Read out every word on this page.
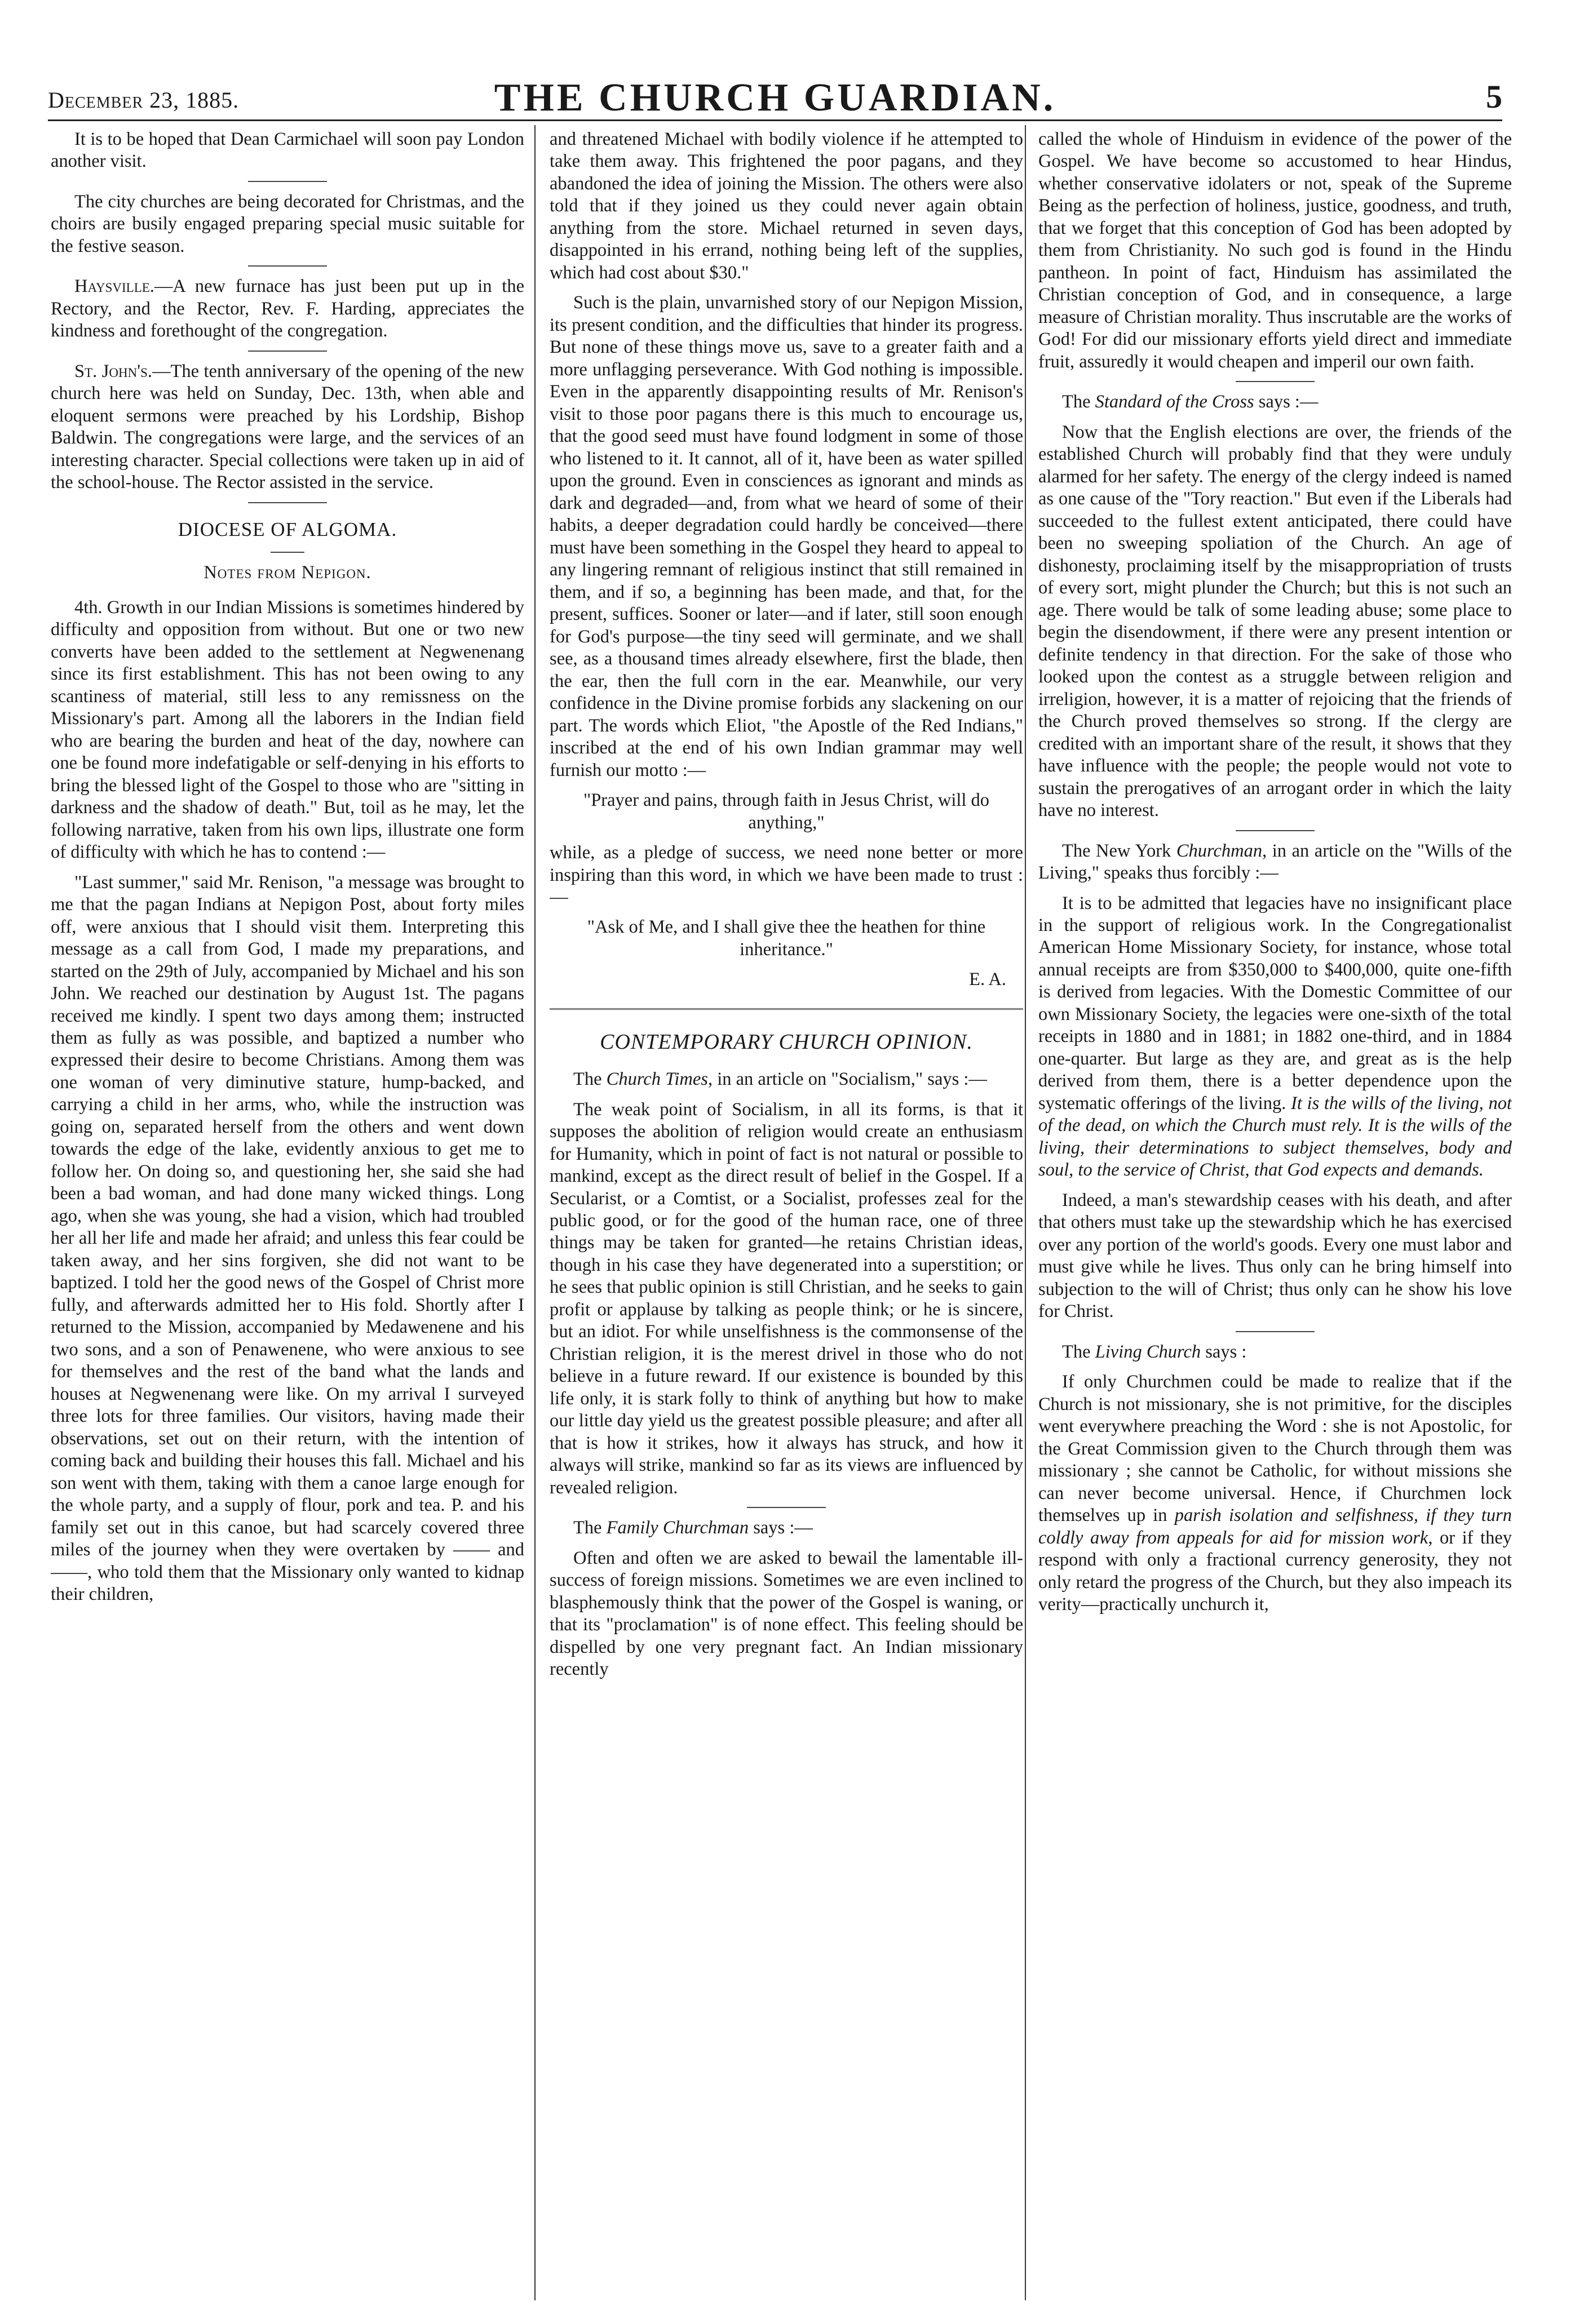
December 23, 1885.	THE CHURCH GUARDIAN.	5

It is to be hoped that Dean Carmichael will soon pay London another visit.

The city churches are being decorated for Christmas, and the choirs are busily engaged preparing special music suitable for the festive season.

Haysville.—A new furnace has just been put up in the Rectory, and the Rector, Rev. F. Harding, appreciates the kindness and forethought of the congregation.

St. John's.—The tenth anniversary of the opening of the new church here was held on Sunday, Dec. 13th, when able and eloquent sermons were preached by his Lordship, Bishop Baldwin. The congregations were large, and the services of an interesting character. Special collections were taken up in aid of the school-house. The Rector assisted in the service.

DIOCESE OF ALGOMA.

Notes from Nepigon.

4th. Growth in our Indian Missions is sometimes hindered by difficulty and opposition from without. But one or two new converts have been added to the settlement at Negwenenang since its first establishment. This has not been owing to any scantiness of material, still less to any remissness on the Missionary's part. Among all the laborers in the Indian field who are bearing the burden and heat of the day, nowhere can one be found more indefatigable or self-denying in his efforts to bring the blessed light of the Gospel to those who are "sitting in darkness and the shadow of death." But, toil as he may, let the following narrative, taken from his own lips, illustrate one form of difficulty with which he has to contend :—

"Last summer," said Mr. Renison, "a message was brought to me that the pagan Indians at Nepigon Post, about forty miles off, were anxious that I should visit them. Interpreting this message as a call from God, I made my preparations, and started on the 29th of July, accompanied by Michael and his son John. We reached our destination by August 1st. The pagans received me kindly. I spent two days among them; instructed them as fully as was possible, and baptized a number who expressed their desire to become Christians. Among them was one woman of very diminutive stature, hump-backed, and carrying a child in her arms, who, while the instruction was going on, separated herself from the others and went down towards the edge of the lake, evidently anxious to get me to follow her. On doing so, and questioning her, she said she had been a bad woman, and had done many wicked things. Long ago, when she was young, she had a vision, which had troubled her all her life and made her afraid; and unless this fear could be taken away, and her sins forgiven, she did not want to be baptized. I told her the good news of the Gospel of Christ more fully, and afterwards admitted her to His fold. Shortly after I returned to the Mission, accompanied by Medawenene and his two sons, and a son of Penawenene, who were anxious to see for themselves and the rest of the band what the lands and houses at Negwenenang were like. On my arrival I surveyed three lots for three families. Our visitors, having made their observations, set out on their return, with the intention of coming back and building their houses this fall. Michael and his son went with them, taking with them a canoe large enough for the whole party, and a supply of flour, pork and tea. P. and his family set out in this canoe, but had scarcely covered three miles of the journey when they were overtaken by —— and ——, who told them that the Missionary only wanted to kidnap their children,

and threatened Michael with bodily violence if he attempted to take them away. This frightened the poor pagans, and they abandoned the idea of joining the Mission. The others were also told that if they joined us they could never again obtain anything from the store. Michael returned in seven days, disappointed in his errand, nothing being left of the supplies, which had cost about $30."

Such is the plain, unvarnished story of our Nepigon Mission, its present condition, and the difficulties that hinder its progress. But none of these things move us, save to a greater faith and a more unflagging perseverance. With God nothing is impossible. Even in the apparently disappointing results of Mr. Renison's visit to those poor pagans there is this much to encourage us, that the good seed must have found lodgment in some of those who listened to it. It cannot, all of it, have been as water spilled upon the ground. Even in consciences as ignorant and minds as dark and degraded—and, from what we heard of some of their habits, a deeper degradation could hardly be conceived—there must have been something in the Gospel they heard to appeal to any lingering remnant of religious instinct that still remained in them, and if so, a beginning has been made, and that, for the present, suffices. Sooner or later—and if later, still soon enough for God's purpose—the tiny seed will germinate, and we shall see, as a thousand times already elsewhere, first the blade, then the ear, then the full corn in the ear. Meanwhile, our very confidence in the Divine promise forbids any slackening on our part. The words which Eliot, "the Apostle of the Red Indians," inscribed at the end of his own Indian grammar may well furnish our motto :—

"Prayer and pains, through faith in Jesus Christ, will do anything,"

while, as a pledge of success, we need none better or more inspiring than this word, in which we have been made to trust :—

"Ask of Me, and I shall give thee the heathen for thine inheritance."

E. A.

CONTEMPORARY CHURCH OPINION.

The Church Times, in an article on "Socialism," says :—

The weak point of Socialism, in all its forms, is that it supposes the abolition of religion would create an enthusiasm for Humanity, which in point of fact is not natural or possible to mankind, except as the direct result of belief in the Gospel. If a Secularist, or a Comtist, or a Socialist, professes zeal for the public good, or for the good of the human race, one of three things may be taken for granted—he retains Christian ideas, though in his case they have degenerated into a superstition; or he sees that public opinion is still Christian, and he seeks to gain profit or applause by talking as people think; or he is sincere, but an idiot. For while unselfishness is the commonsense of the Christian religion, it is the merest drivel in those who do not believe in a future reward. If our existence is bounded by this life only, it is stark folly to think of anything but how to make our little day yield us the greatest possible pleasure; and after all that is how it strikes, how it always has struck, and how it always will strike, mankind so far as its views are influenced by revealed religion.

The Family Churchman says :—

Often and often we are asked to bewail the lamentable ill-success of foreign missions. Sometimes we are even inclined to blasphemously think that the power of the Gospel is waning, or that its "proclamation" is of none effect. This feeling should be dispelled by one very pregnant fact. An Indian missionary recently

called the whole of Hinduism in evidence of the power of the Gospel. We have become so accustomed to hear Hindus, whether conservative idolaters or not, speak of the Supreme Being as the perfection of holiness, justice, goodness, and truth, that we forget that this conception of God has been adopted by them from Christianity. No such god is found in the Hindu pantheon. In point of fact, Hinduism has assimilated the Christian conception of God, and in consequence, a large measure of Christian morality. Thus inscrutable are the works of God! For did our missionary efforts yield direct and immediate fruit, assuredly it would cheapen and imperil our own faith.

The Standard of the Cross says :—

Now that the English elections are over, the friends of the established Church will probably find that they were unduly alarmed for her safety. The energy of the clergy indeed is named as one cause of the "Tory reaction." But even if the Liberals had succeeded to the fullest extent anticipated, there could have been no sweeping spoliation of the Church. An age of dishonesty, proclaiming itself by the misappropriation of trusts of every sort, might plunder the Church; but this is not such an age. There would be talk of some leading abuse; some place to begin the disendowment, if there were any present intention or definite tendency in that direction. For the sake of those who looked upon the contest as a struggle between religion and irreligion, however, it is a matter of rejoicing that the friends of the Church proved themselves so strong. If the clergy are credited with an important share of the result, it shows that they have influence with the people; the people would not vote to sustain the prerogatives of an arrogant order in which the laity have no interest.

The New York Churchman, in an article on the "Wills of the Living," speaks thus forcibly :—

It is to be admitted that legacies have no insignificant place in the support of religious work. In the Congregationalist American Home Missionary Society, for instance, whose total annual receipts are from $350,000 to $400,000, quite one-fifth is derived from legacies. With the Domestic Committee of our own Missionary Society, the legacies were one-sixth of the total receipts in 1880 and in 1881; in 1882 one-third, and in 1884 one-quarter. But large as they are, and great as is the help derived from them, there is a better dependence upon the systematic offerings of the living. It is the wills of the living, not of the dead, on which the Church must rely. It is the wills of the living, their determinations to subject themselves, body and soul, to the service of Christ, that God expects and demands.

Indeed, a man's stewardship ceases with his death, and after that others must take up the stewardship which he has exercised over any portion of the world's goods. Every one must labor and must give while he lives. Thus only can he bring himself into subjection to the will of Christ; thus only can he show his love for Christ.

The Living Church says :

If only Churchmen could be made to realize that if the Church is not missionary, she is not primitive, for the disciples went everywhere preaching the Word : she is not Apostolic, for the Great Commission given to the Church through them was missionary ; she cannot be Catholic, for without missions she can never become universal. Hence, if Churchmen lock themselves up in parish isolation and selfishness, if they turn coldly away from appeals for aid for mission work, or if they respond with only a fractional currency generosity, they not only retard the progress of the Church, but they also impeach its verity—practically unchurch it,
